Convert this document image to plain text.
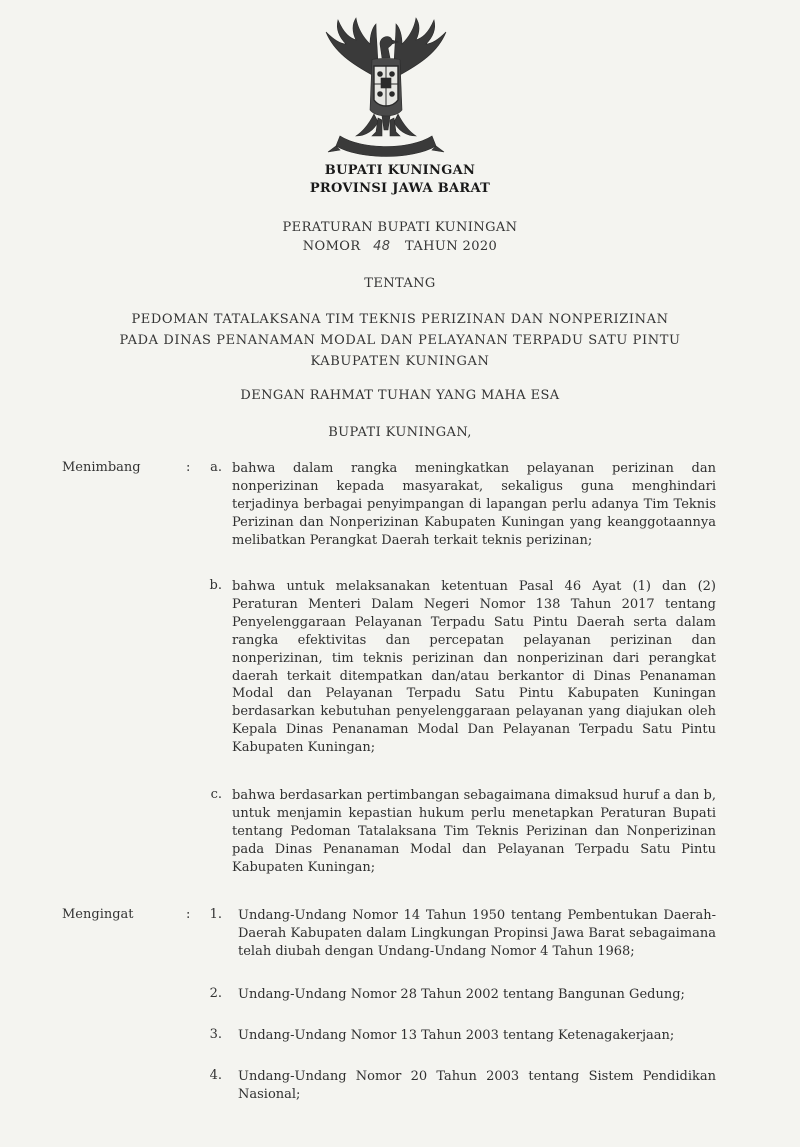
BUPATI KUNINGAN
PROVINSI JAWA BARAT
PERATURAN BUPATI KUNINGAN
NOMOR 48 TAHUN 2020
TENTANG
PEDOMAN TATALAKSANA TIM TEKNIS PERIZINAN DAN NONPERIZINAN
PADA DINAS PENANAMAN MODAL DAN PELAYANAN TERPADU SATU PINTU
KABUPATEN KUNINGAN
DENGAN RAHMAT TUHAN YANG MAHA ESA
BUPATI KUNINGAN,
Menimbang	:	a. bahwa dalam rangka meningkatkan pelayanan perizinan dan nonperizinan kepada masyarakat, sekaligus guna menghindari terjadinya berbagai penyimpangan di lapangan perlu adanya Tim Teknis Perizinan dan Nonperizinan Kabupaten Kuningan yang keanggotaannya melibatkan Perangkat Daerah terkait teknis perizinan;
b. bahwa untuk melaksanakan ketentuan Pasal 46 Ayat (1) dan (2) Peraturan Menteri Dalam Negeri Nomor 138 Tahun 2017 tentang Penyelenggaraan Pelayanan Terpadu Satu Pintu Daerah serta dalam rangka efektivitas dan percepatan pelayanan perizinan dan nonperizinan, tim teknis perizinan dan nonperizinan dari perangkat daerah terkait ditempatkan dan/atau berkantor di Dinas Penanaman Modal dan Pelayanan Terpadu Satu Pintu Kabupaten Kuningan berdasarkan kebutuhan penyelenggaraan pelayanan yang diajukan oleh Kepala Dinas Penanaman Modal Dan Pelayanan Terpadu Satu Pintu Kabupaten Kuningan;
c. bahwa berdasarkan pertimbangan sebagaimana dimaksud huruf a dan b, untuk menjamin kepastian hukum perlu menetapkan Peraturan Bupati tentang Pedoman Tatalaksana Tim Teknis Perizinan dan Nonperizinan pada Dinas Penanaman Modal dan Pelayanan Terpadu Satu Pintu Kabupaten Kuningan;
Mengingat	:	1. Undang-Undang Nomor 14 Tahun 1950 tentang Pembentukan Daerah-Daerah Kabupaten dalam Lingkungan Propinsi Jawa Barat sebagaimana telah diubah dengan Undang-Undang Nomor 4 Tahun 1968;
2. Undang-Undang Nomor 28 Tahun 2002 tentang Bangunan Gedung;
3. Undang-Undang Nomor 13 Tahun 2003 tentang Ketenagakerjaan;
4. Undang-Undang Nomor 20 Tahun 2003 tentang Sistem Pendidikan Nasional;
